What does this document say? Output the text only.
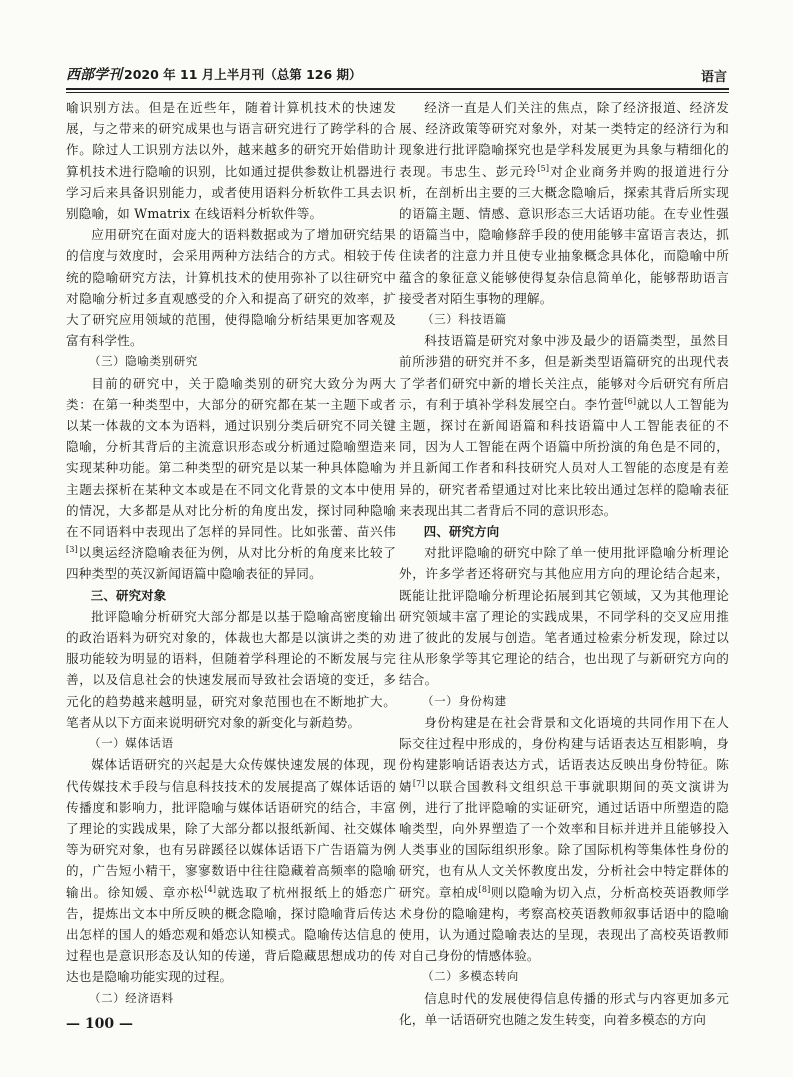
西部学刊 2020 年 11 月上半月刊（总第 126 期）	语言

喻识别方法。但是在近些年，随着计算机技术的快速发展，与之带来的研究成果也与语言研究进行了跨学科的合作。除过人工识别方法以外，越来越多的研究开始借助计算机技术进行隐喻的识别，比如通过提供参数让机器进行学习后来具备识别能力，或者使用语料分析软件工具去识别隐喻，如 Wmatrix 在线语料分析软件等。

应用研究在面对庞大的语料数据或为了增加研究结果的信度与效度时，会采用两种方法结合的方式。相较于传统的隐喻研究方法，计算机技术的使用弥补了以往研究中对隐喻分析过多直观感受的介入和提高了研究的效率，扩大了研究应用领域的范围，使得隐喻分析结果更加客观及富有科学性。

（三）隐喻类别研究

目前的研究中，关于隐喻类别的研究大致分为两大类：在第一种类型中，大部分的研究都在某一主题下或者以某一体裁的文本为语料，通过识别分类后研究不同关键隐喻，分析其背后的主流意识形态或分析通过隐喻塑造来实现某种功能。第二种类型的研究是以某一种具体隐喻为主题去探析在某种文本或是在不同文化背景的文本中使用的情况，大多都是从对比分析的角度出发，探讨同种隐喻在不同语料中表现出了怎样的异同性。比如张蕾、苗兴伟[3]以奥运经济隐喻表征为例，从对比分析的角度来比较了四种类型的英汉新闻语篇中隐喻表征的异同。

三、研究对象

批评隐喻分析研究大部分都是以基于隐喻高密度输出的政治语料为研究对象的，体裁也大都是以演讲之类的劝服功能较为明显的语料，但随着学科理论的不断发展与完善，以及信息社会的快速发展而导致社会语境的变迁，多元化的趋势越来越明显，研究对象范围也在不断地扩大。笔者从以下方面来说明研究对象的新变化与新趋势。

（一）媒体话语

媒体话语研究的兴起是大众传媒快速发展的体现，现代传媒技术手段与信息科技技术的发展提高了媒体话语的传播度和影响力，批评隐喻与媒体话语研究的结合，丰富了理论的实践成果，除了大部分都以报纸新闻、社交媒体等为研究对象，也有另辟蹊径以媒体话语下广告语篇为例的，广告短小精干，寥寥数语中往往隐藏着高频率的隐喻输出。徐知媛、章亦松[4]就选取了杭州报纸上的婚恋广告，提炼出文本中所反映的概念隐喻，探讨隐喻背后传达出怎样的国人的婚恋观和婚恋认知模式。隐喻传达信息的过程也是意识形态及认知的传递，背后隐藏思想成功的传达也是隐喻功能实现的过程。

（二）经济语料

经济一直是人们关注的焦点，除了经济报道、经济发展、经济政策等研究对象外，对某一类特定的经济行为和现象进行批评隐喻探究也是学科发展更为具象与精细化的表现。韦忠生、彭元玲[5]对企业商务并购的报道进行分析，在剖析出主要的三大概念隐喻后，探索其背后所实现的语篇主题、情感、意识形态三大话语功能。在专业性强的语篇当中，隐喻修辞手段的使用能够丰富语言表达，抓住读者的注意力并且使专业抽象概念具体化，而隐喻中所蕴含的象征意义能够使得复杂信息简单化，能够帮助语言接受者对陌生事物的理解。

（三）科技语篇

科技语篇是研究对象中涉及最少的语篇类型，虽然目前所涉猎的研究并不多，但是新类型语篇研究的出现代表了学者们研究中新的增长关注点，能够对今后研究有所启示，有利于填补学科发展空白。李竹萱[6]就以人工智能为主题，探讨在新闻语篇和科技语篇中人工智能表征的不同，因为人工智能在两个语篇中所扮演的角色是不同的，并且新闻工作者和科技研究人员对人工智能的态度是有差异的，研究者希望通过对比来比较出通过怎样的隐喻表征来表现出其二者背后不同的意识形态。

四、研究方向

对批评隐喻的研究中除了单一使用批评隐喻分析理论外，许多学者还将研究与其他应用方向的理论结合起来，既能让批评隐喻分析理论拓展到其它领域，又为其他理论研究领域丰富了理论的实践成果，不同学科的交叉应用推进了彼此的发展与创造。笔者通过检索分析发现，除过以往从形象学等其它理论的结合，也出现了与新研究方向的结合。

（一）身份构建

身份构建是在社会背景和文化语境的共同作用下在人际交往过程中形成的，身份构建与话语表达互相影响，身份构建影响话语表达方式，话语表达反映出身份特征。陈婧[7]以联合国教科文组织总干事就职期间的英文演讲为例，进行了批评隐喻的实证研究，通过话语中所塑造的隐喻类型，向外界塑造了一个效率和目标并进并且能够投入人类事业的国际组织形象。除了国际机构等集体性身份的研究，也有从人文关怀教度出发，分析社会中特定群体的研究。章柏成[8]则以隐喻为切入点，分析高校英语教师学术身份的隐喻建构，考察高校英语教师叙事话语中的隐喻使用，认为通过隐喻表达的呈现，表现出了高校英语教师对自己身份的情感体验。

（二）多模态转向

信息时代的发展使得信息传播的形式与内容更加多元化，单一话语研究也随之发生转变，向着多模态的方向

— 100 —
